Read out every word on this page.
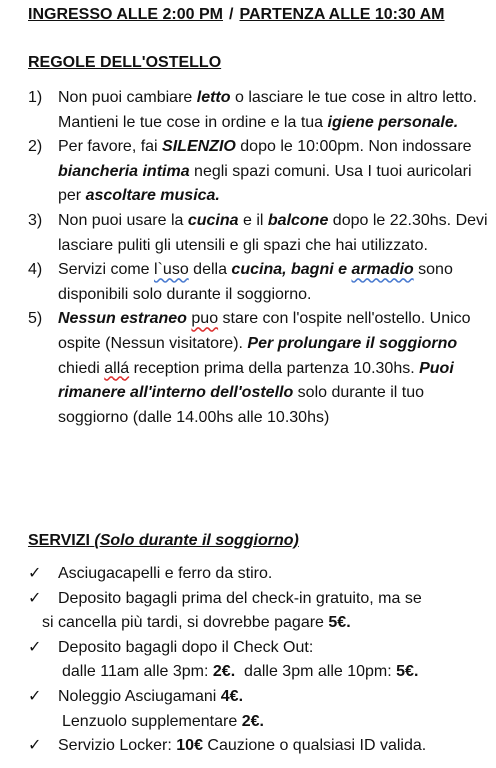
INGRESSO ALLE 2:00 PM / PARTENZA ALLE 10:30 AM
REGOLE DELL'OSTELLO
1) Non puoi cambiare letto o lasciare le tue cose in altro letto. Mantieni le tue cose in ordine e la tua igiene personale.
2) Per favore, fai SILENZIO dopo le 10:00pm. Non indossare biancheria intima negli spazi comuni. Usa I tuoi auricolari per ascoltare musica.
3) Non puoi usare la cucina e il balcone dopo le 22.30hs. Devi lasciare puliti gli utensili e gli spazi che hai utilizzato.
4) Servizi come l`uso della cucina, bagni e armadio sono disponibili solo durante il soggiorno.
5) Nessun estraneo puo stare con l'ospite nell'ostello. Unico ospite (Nessun visitatore). Per prolungare il soggiorno chiedi allá reception prima della partenza 10.30hs. Puoi rimanere all'interno dell'ostello solo durante il tuo soggiorno (dalle 14.00hs alle 10.30hs)
SERVIZI (Solo durante il soggiorno)
✓ Asciugacapelli e ferro da stiro.
✓ Deposito bagagli prima del check-in gratuito, ma se
si cancella più tardi, si dovrebbe pagare 5€.
✓ Deposito bagagli dopo il Check Out:
dalle 11am alle 3pm: 2€.  dalle 3pm alle 10pm: 5€.
✓ Noleggio Asciugamani 4€.
Lenzuolo supplementare 2€.
✓ Servizio Locker: 10€ Cauzione o qualsiasi ID valida.
